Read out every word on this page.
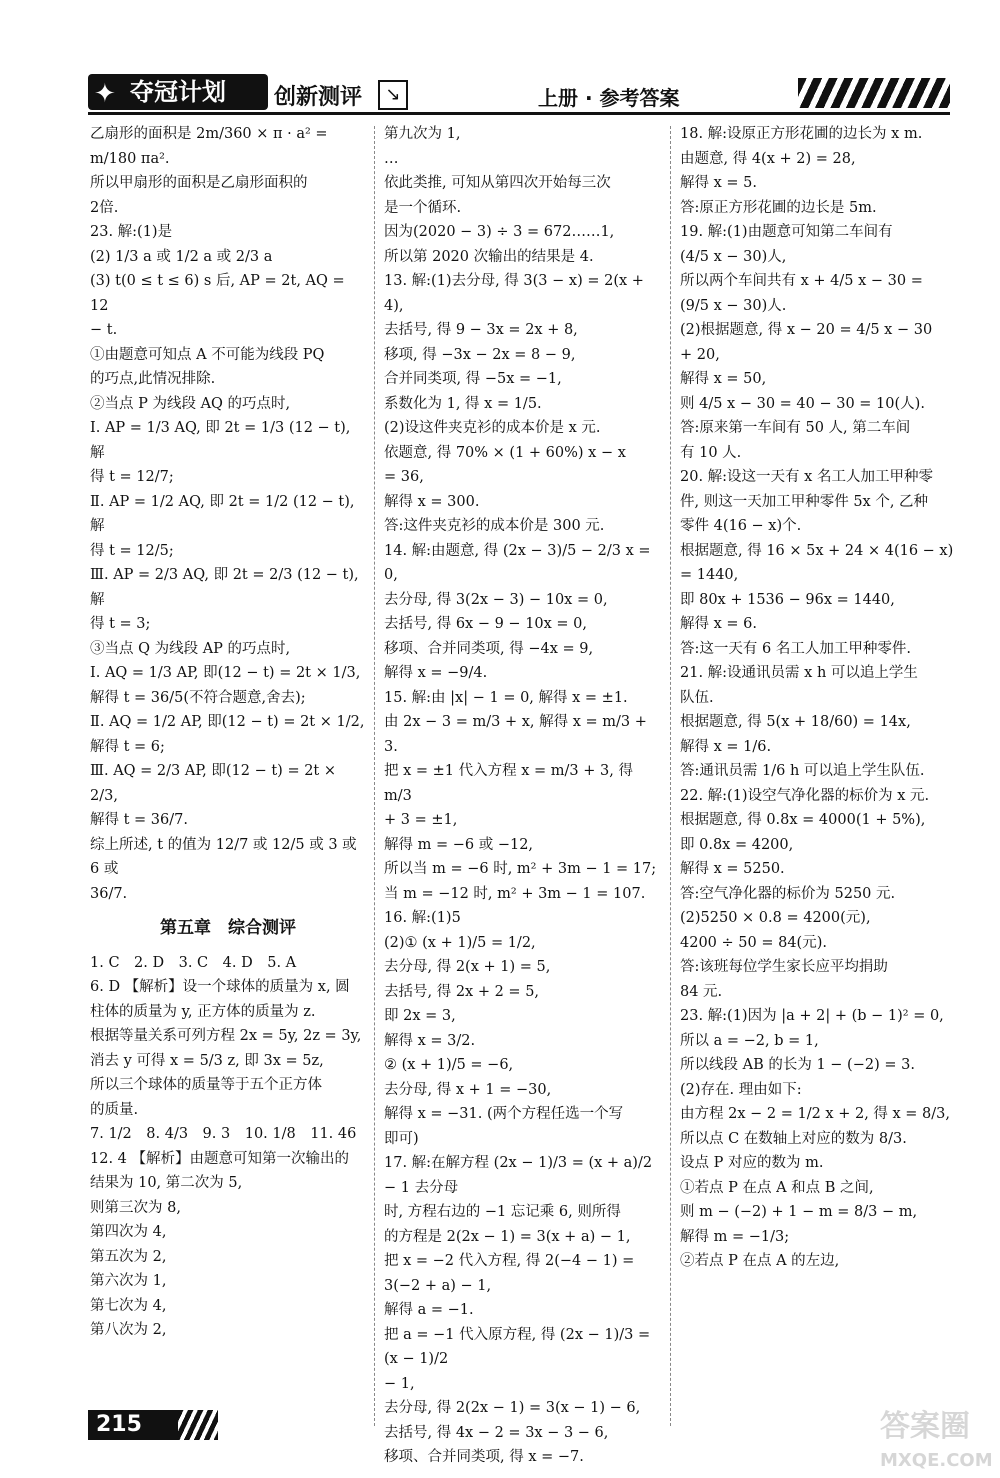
✦ 夺冠计划	创新测评	↘	上册 · 参考答案

乙扇形的面积是 2m/360 × π · a² =

m/180 πa².

所以甲扇形的面积是乙扇形面积的

2倍.

23. 解:(1)是

(2) 1/3 a 或 1/2 a 或 2/3 a

(3) t(0 ≤ t ≤ 6) s 后, AP = 2t, AQ = 12

− t.

①由题意可知点 A 不可能为线段 PQ

的巧点,此情况排除.

②当点 P 为线段 AQ 的巧点时,

Ⅰ. AP = 1/3 AQ, 即 2t = 1/3 (12 − t), 解

得 t = 12/7;

Ⅱ. AP = 1/2 AQ, 即 2t = 1/2 (12 − t), 解

得 t = 12/5;

Ⅲ. AP = 2/3 AQ, 即 2t = 2/3 (12 − t), 解

得 t = 3;

③当点 Q 为线段 AP 的巧点时,

Ⅰ. AQ = 1/3 AP, 即(12 − t) = 2t × 1/3,

解得 t = 36/5(不符合题意,舍去);

Ⅱ. AQ = 1/2 AP, 即(12 − t) = 2t × 1/2,

解得 t = 6;

Ⅲ. AQ = 2/3 AP, 即(12 − t) = 2t × 2/3,

解得 t = 36/7.

综上所述, t 的值为 12/7 或 12/5 或 3 或 6 或

36/7.

第五章　综合测评

1. C　2. D　3. C　4. D　5. A

6. D 【解析】设一个球体的质量为 x, 圆

柱体的质量为 y, 正方体的质量为 z.

根据等量关系可列方程 2x = 5y, 2z = 3y,

消去 y 可得 x = 5/3 z, 即 3x = 5z,

所以三个球体的质量等于五个正方体

的质量.

7. 1/2　8. 4/3　9. 3　10. 1/8　11. 46

12. 4 【解析】由题意可知第一次输出的

结果为 10, 第二次为 5,

则第三次为 8,

第四次为 4,

第五次为 2,

第六次为 1,

第七次为 4,

第八次为 2,

第九次为 1,

…

依此类推, 可知从第四次开始每三次

是一个循环.

因为(2020 − 3) ÷ 3 = 672……1,

所以第 2020 次输出的结果是 4.

13. 解:(1)去分母, 得 3(3 − x) = 2(x + 4),

去括号, 得 9 − 3x = 2x + 8,

移项, 得 −3x − 2x = 8 − 9,

合并同类项, 得 −5x = −1,

系数化为 1, 得 x = 1/5.

(2)设这件夹克衫的成本价是 x 元.

依题意, 得 70% × (1 + 60%) x − x

= 36,

解得 x = 300.

答:这件夹克衫的成本价是 300 元.

14. 解:由题意, 得 (2x − 3)/5 − 2/3 x = 0,

去分母, 得 3(2x − 3) − 10x = 0,

去括号, 得 6x − 9 − 10x = 0,

移项、合并同类项, 得 −4x = 9,

解得 x = −9/4.

15. 解:由 |x| − 1 = 0, 解得 x = ±1.

由 2x − 3 = m/3 + x, 解得 x = m/3 + 3.

把 x = ±1 代入方程 x = m/3 + 3, 得 m/3

+ 3 = ±1,

解得 m = −6 或 −12,

所以当 m = −6 时, m² + 3m − 1 = 17;

当 m = −12 时, m² + 3m − 1 = 107.

16. 解:(1)5

(2)① (x + 1)/5 = 1/2,

去分母, 得 2(x + 1) = 5,

去括号, 得 2x + 2 = 5,

即 2x = 3,

解得 x = 3/2.

② (x + 1)/5 = −6,

去分母, 得 x + 1 = −30,

解得 x = −31. (两个方程任选一个写

即可)

17. 解:在解方程 (2x − 1)/3 = (x + a)/2 − 1 去分母

时, 方程右边的 −1 忘记乘 6, 则所得

的方程是 2(2x − 1) = 3(x + a) − 1,

把 x = −2 代入方程, 得 2(−4 − 1) =

3(−2 + a) − 1,

解得 a = −1.

把 a = −1 代入原方程, 得 (2x − 1)/3 = (x − 1)/2

− 1,

去分母, 得 2(2x − 1) = 3(x − 1) − 6,

去括号, 得 4x − 2 = 3x − 3 − 6,

移项、合并同类项, 得 x = −7.

18. 解:设原正方形花圃的边长为 x m.

由题意, 得 4(x + 2) = 28,

解得 x = 5.

答:原正方形花圃的边长是 5m.

19. 解:(1)由题意可知第二车间有

(4/5 x − 30)人,

所以两个车间共有 x + 4/5 x − 30 =

(9/5 x − 30)人.

(2)根据题意, 得 x − 20 = 4/5 x − 30

+ 20,

解得 x = 50,

则 4/5 x − 30 = 40 − 30 = 10(人).

答:原来第一车间有 50 人, 第二车间

有 10 人.

20. 解:设这一天有 x 名工人加工甲种零

件, 则这一天加工甲种零件 5x 个, 乙种

零件 4(16 − x)个.

根据题意, 得 16 × 5x + 24 × 4(16 − x)

= 1440,

即 80x + 1536 − 96x = 1440,

解得 x = 6.

答:这一天有 6 名工人加工甲种零件.

21. 解:设通讯员需 x h 可以追上学生

队伍.

根据题意, 得 5(x + 18/60) = 14x,

解得 x = 1/6.

答:通讯员需 1/6 h 可以追上学生队伍.

22. 解:(1)设空气净化器的标价为 x 元.

根据题意, 得 0.8x = 4000(1 + 5%),

即 0.8x = 4200,

解得 x = 5250.

答:空气净化器的标价为 5250 元.

(2)5250 × 0.8 = 4200(元),

4200 ÷ 50 = 84(元).

答:该班每位学生家长应平均捐助

84 元.

23. 解:(1)因为 |a + 2| + (b − 1)² = 0,

所以 a = −2, b = 1,

所以线段 AB 的长为 1 − (−2) = 3.

(2)存在. 理由如下:

由方程 2x − 2 = 1/2 x + 2, 得 x = 8/3,

所以点 C 在数轴上对应的数为 8/3.

设点 P 对应的数为 m.

①若点 P 在点 A 和点 B 之间,

则 m − (−2) + 1 − m = 8/3 − m,

解得 m = −1/3;

②若点 P 在点 A 的左边,

215	答案圈
MXQE.COM
